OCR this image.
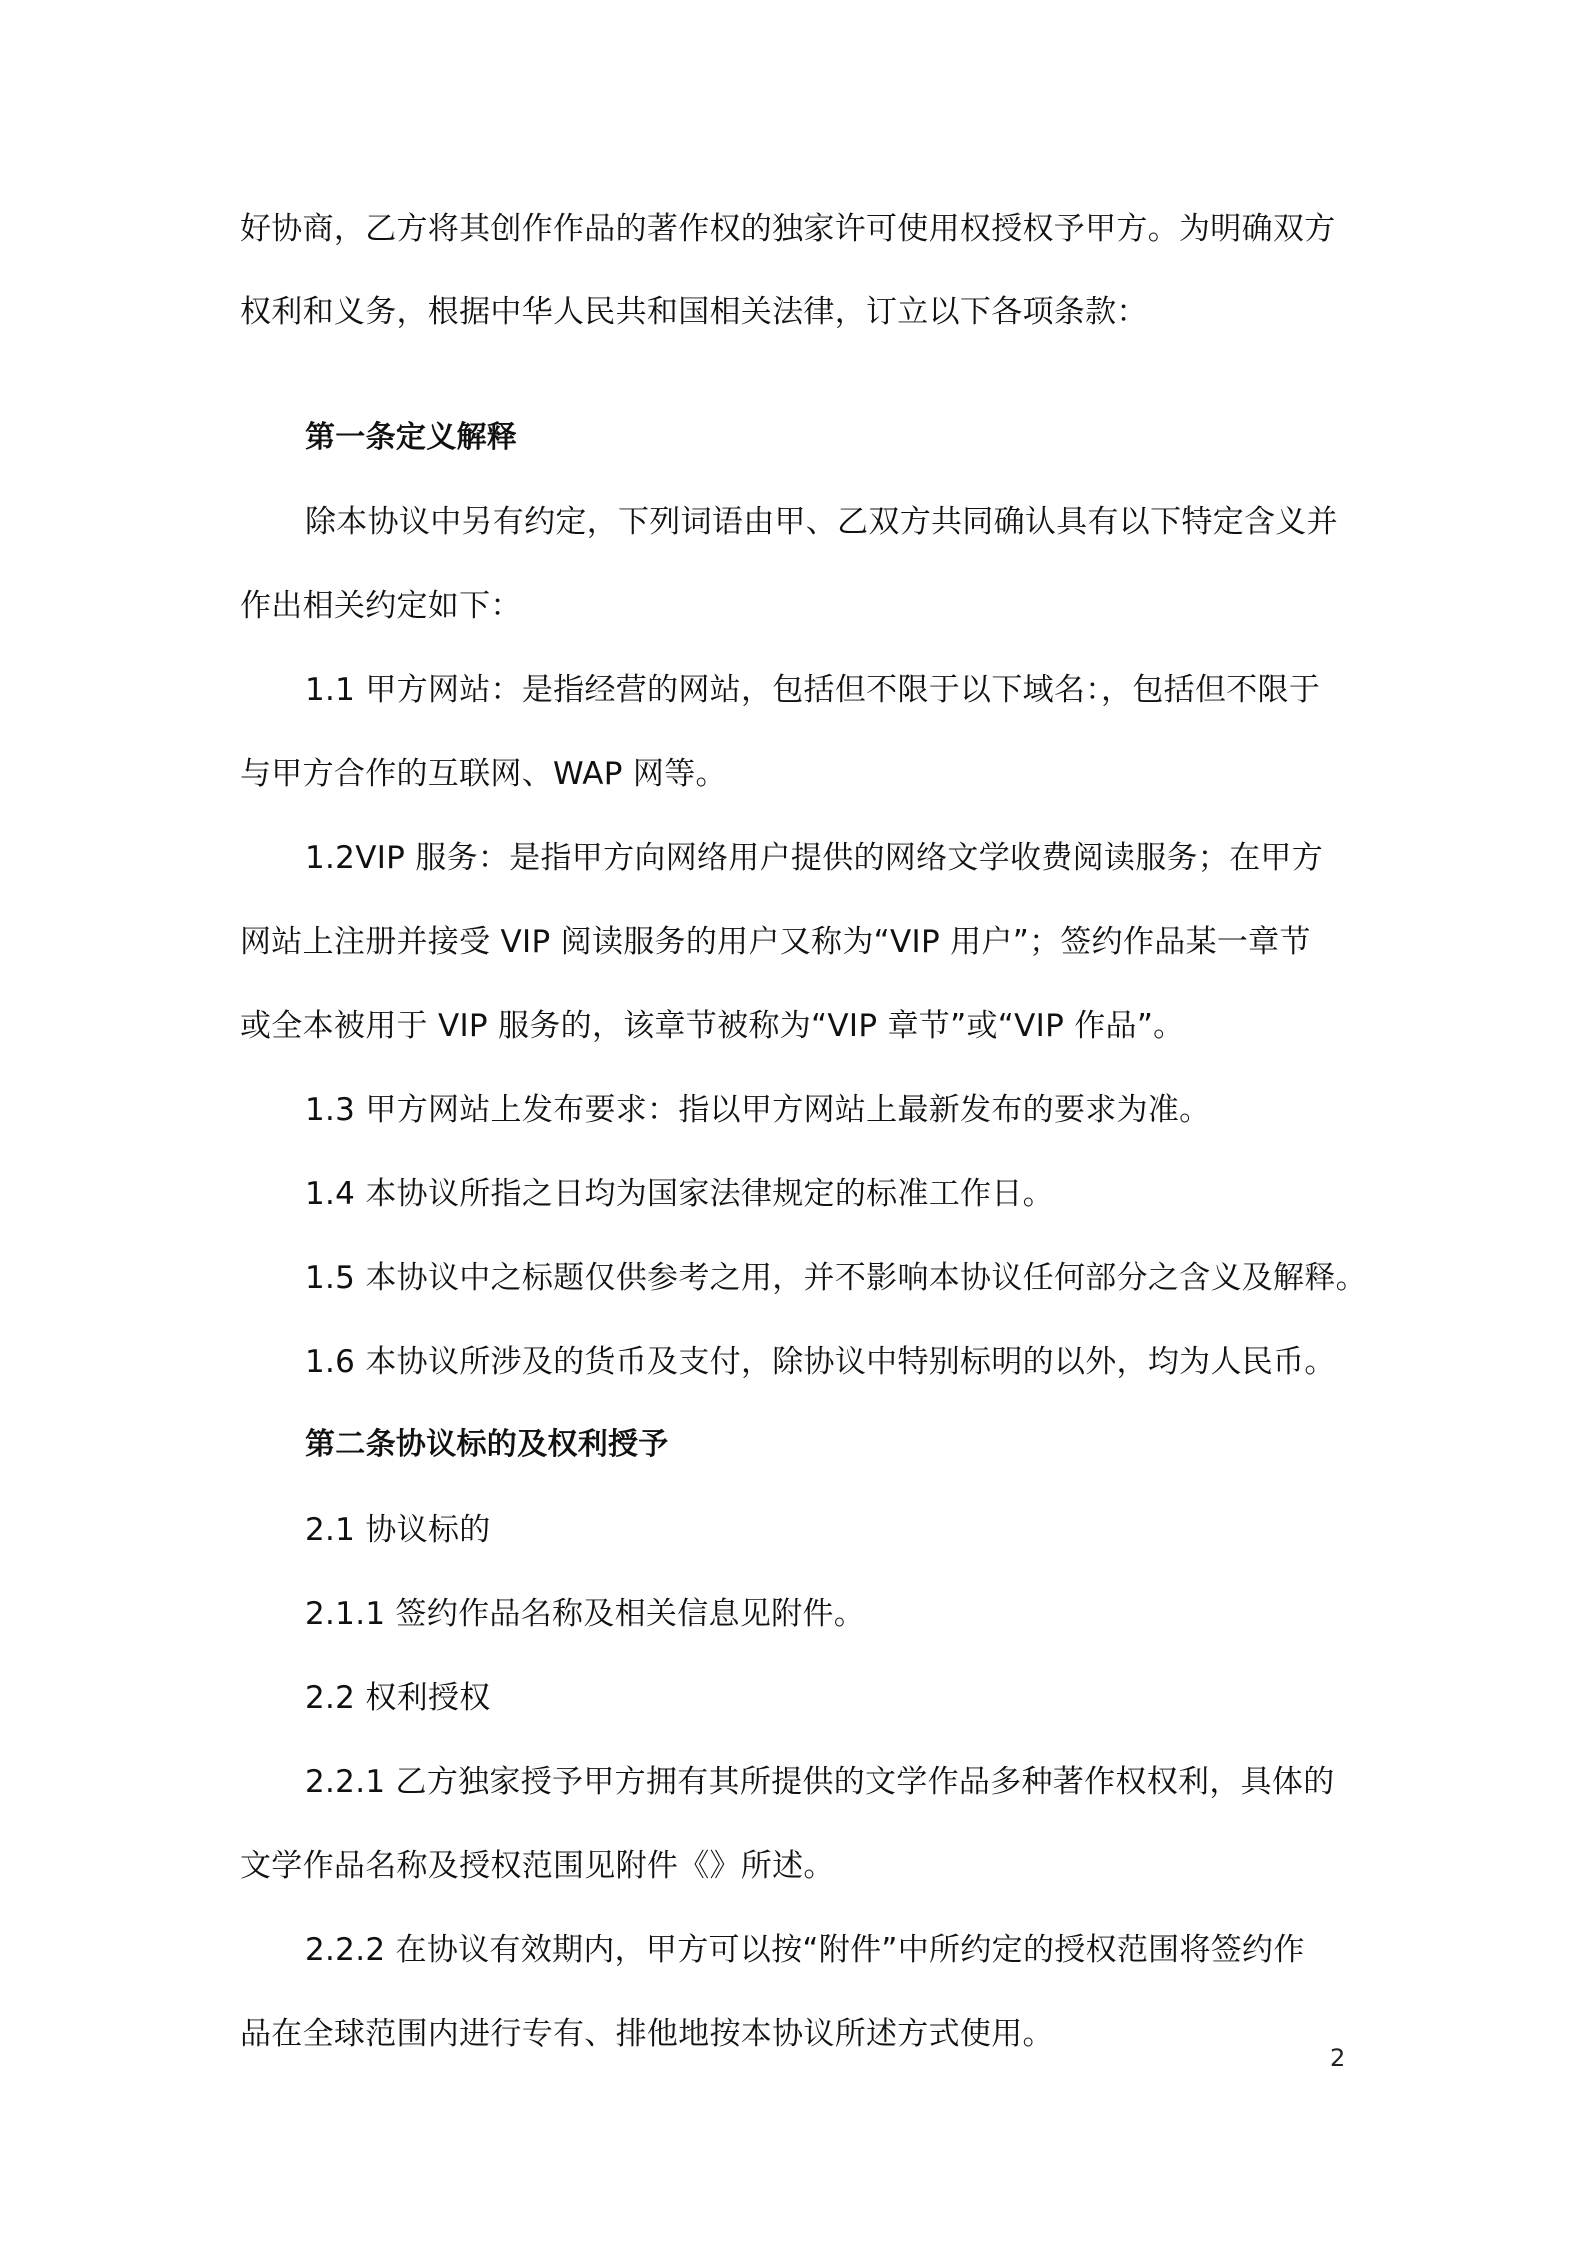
好协商，乙方将其创作作品的著作权的独家许可使用权授权予甲方。为明确双方
权利和义务，根据中华人民共和国相关法律，订立以下各项条款：
第一条定义解释
除本协议中另有约定，下列词语由甲、乙双方共同确认具有以下特定含义并
作出相关约定如下：
1.1 甲方网站：是指经营的网站，包括但不限于以下域名：，包括但不限于
与甲方合作的互联网、WAP 网等。
1.2VIP 服务：是指甲方向网络用户提供的网络文学收费阅读服务；在甲方
网站上注册并接受 VIP 阅读服务的用户又称为“VIP 用户”；签约作品某一章节
或全本被用于 VIP 服务的，该章节被称为“VIP 章节”或“VIP 作品”。
1.3 甲方网站上发布要求：指以甲方网站上最新发布的要求为准。
1.4 本协议所指之日均为国家法律规定的标准工作日。
1.5 本协议中之标题仅供参考之用，并不影响本协议任何部分之含义及解释。
1.6 本协议所涉及的货币及支付，除协议中特别标明的以外，均为人民币。
第二条协议标的及权利授予
2.1 协议标的
2.1.1 签约作品名称及相关信息见附件。
2.2 权利授权
2.2.1 乙方独家授予甲方拥有其所提供的文学作品多种著作权权利，具体的
文学作品名称及授权范围见附件《》所述。
2.2.2 在协议有效期内，甲方可以按“附件”中所约定的授权范围将签约作
品在全球范围内进行专有、排他地按本协议所述方式使用。
2
